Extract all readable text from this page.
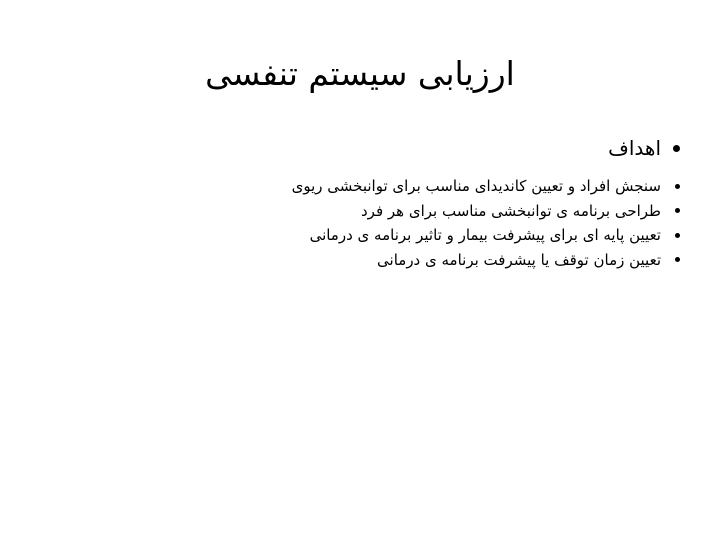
ارزیابی سیستم تنفسی
اهداف
سنجش افراد و تعیین کاندیدای مناسب برای توانبخشی ریوی
طراحی برنامه ی توانبخشی مناسب برای هر فرد
تعیین پایه ای برای پیشرفت بیمار و تاثیر برنامه ی درمانی
تعیین زمان توقف یا پیشرفت برنامه ی درمانی
